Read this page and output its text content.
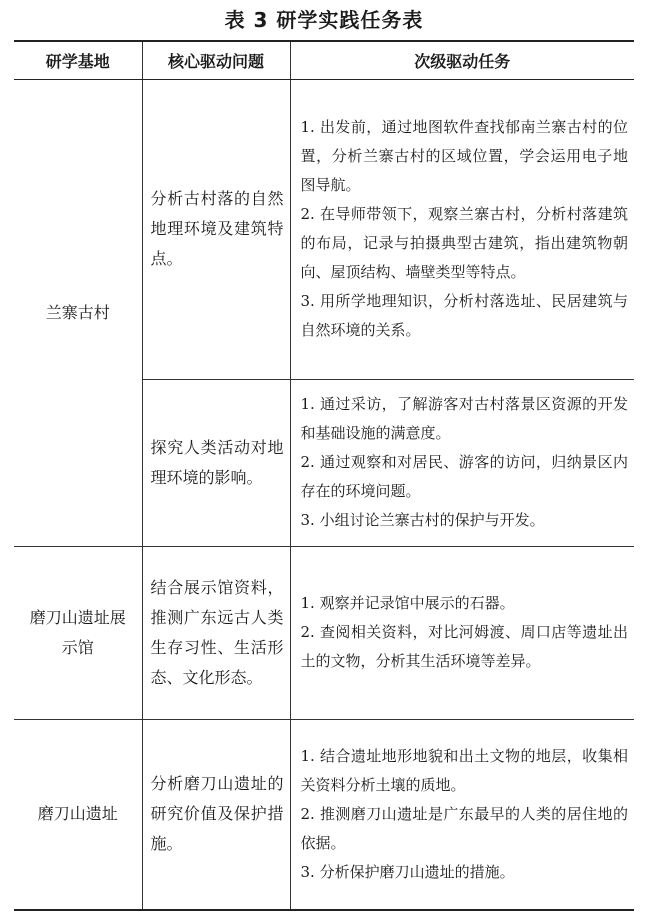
表 3 研学实践任务表
研学基地	核心驱动问题	次级驱动任务
兰寨古村	分析古村落的自然地理环境及建筑特点。	1. 出发前，通过地图软件查找郁南兰寨古村的位置，分析兰寨古村的区域位置，学会运用电子地图导航。
2. 在导师带领下，观察兰寨古村，分析村落建筑的布局，记录与拍摄典型古建筑，指出建筑物朝向、屋顶结构、墙壁类型等特点。
3. 用所学地理知识，分析村落选址、民居建筑与自然环境的关系。

	探究人类活动对地理环境的影响。	1. 通过采访，了解游客对古村落景区资源的开发和基础设施的满意度。
2. 通过观察和对居民、游客的访问，归纳景区内存在的环境问题。
3. 小组讨论兰寨古村的保护与开发。

磨刀山遗址展示馆	结合展示馆资料，推测广东远古人类生存习性、生活形态、文化形态。	1. 观察并记录馆中展示的石器。
2. 查阅相关资料，对比河姆渡、周口店等遗址出土的文物，分析其生活环境等差异。

磨刀山遗址	分析磨刀山遗址的研究价值及保护措施。	1. 结合遗址地形地貌和出土文物的地层，收集相关资料分析土壤的质地。
2. 推测磨刀山遗址是广东最早的人类的居住地的依据。
3. 分析保护磨刀山遗址的措施。
